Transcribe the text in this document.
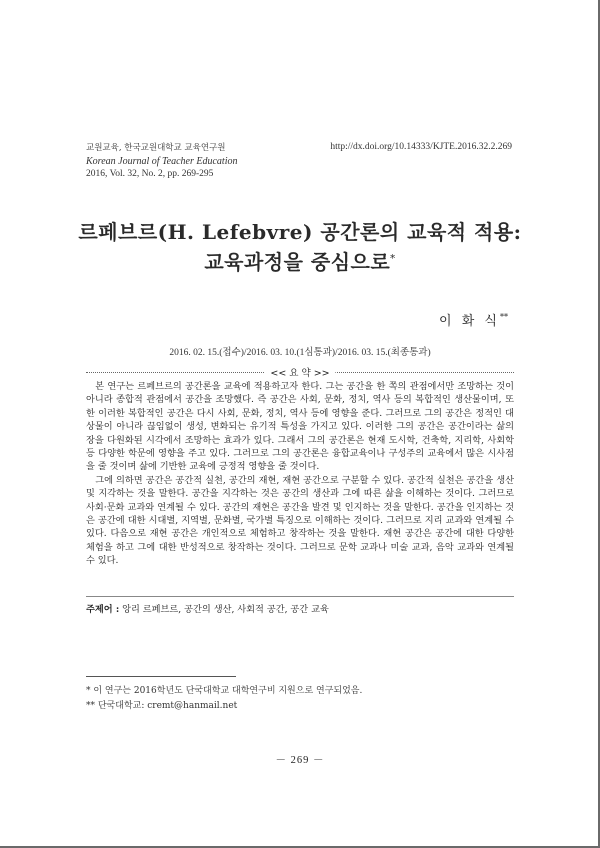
교원교육, 한국교원대학교 교육연구원
Korean Journal of Teacher Education
2016, Vol. 32, No. 2, pp. 269-295
http://dx.doi.org/10.14333/KJTE.2016.32.2.269
르페브르(H. Lefebvre) 공간론의 교육적 적용:
교육과정을 중심으로*
이 화 식**
2016. 02. 15.(접수)/2016. 03. 10.(1심통과)/2016. 03. 15.(최종통과)
<< 요 약 >>

본 연구는 르페브르의 공간론을 교육에 적용하고자 한다. 그는 공간을 한 쪽의 관점에서만 조망하는 것이 아니라 종합적 관점에서 공간을 조망했다. 즉 공간은 사회, 문화, 정치, 역사 등의 복합적인 생산물이며, 또한 이러한 복합적인 공간은 다시 사회, 문화, 정치, 역사 등에 영향을 준다. 그러므로 그의 공간은 정적인 대상물이 아니라 끊임없이 생성, 변화되는 유기적 특성을 가지고 있다. 이러한 그의 공간은 공간이라는 삶의 장을 다원화된 시각에서 조망하는 효과가 있다. 그래서 그의 공간론은 현재 도시학, 건축학, 지리학, 사회학 등 다양한 학문에 영향을 주고 있다. 그러므로 그의 공간론은 융합교육이나 구성주의 교육에서 많은 시사점을 줄 것이며 삶에 기반한 교육에 긍정적 영향을 줄 것이다.

그에 의하면 공간은 공간적 실천, 공간의 재현, 재현 공간으로 구분할 수 있다. 공간적 실천은 공간을 생산 및 지각하는 것을 말한다. 공간을 지각하는 것은 공간의 생산과 그에 따른 삶을 이해하는 것이다. 그러므로 사회·문화 교과와 연계될 수 있다. 공간의 재현은 공간을 발견 및 인지하는 것을 말한다. 공간을 인지하는 것은 공간에 대한 시대별, 지역별, 문화별, 국가별 특징으로 이해하는 것이다. 그러므로 지리 교과와 연계될 수 있다. 다음으로 재현 공간은 개인적으로 체험하고 창작하는 것을 말한다. 재현 공간은 공간에 대한 다양한 체험을 하고 그에 대한 반성적으로 창작하는 것이다. 그러므로 문학 교과나 미술 교과, 음악 교과와 연계될 수 있다.

주제어 : 앙리 르페브르, 공간의 생산, 사회적 공간, 공간 교육
* 이 연구는 2016학년도 단국대학교 대학연구비 지원으로 연구되었음.
** 단국대학교: cremt@hanmail.net
－ 269 －
